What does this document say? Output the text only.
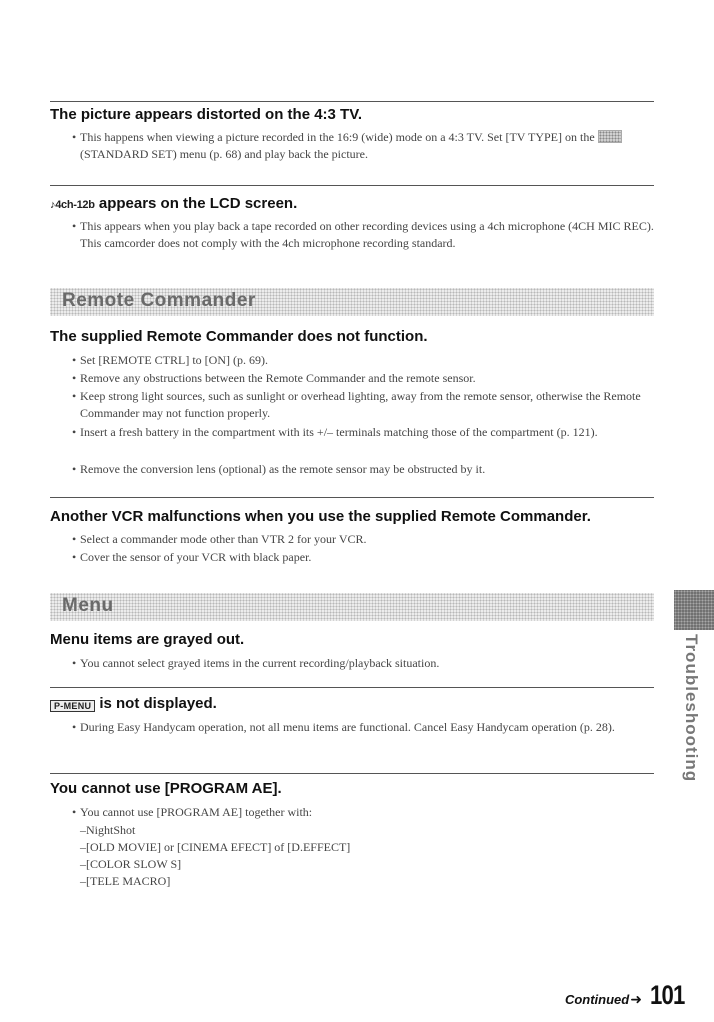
The picture appears distorted on the 4:3 TV.
• This happens when viewing a picture recorded in the 16:9 (wide) mode on a 4:3 TV. Set [TV TYPE] on the(STANDARD SET) menu (p. 68) and play back the picture.
♪4ch-12b appears on the LCD screen.
• This appears when you play back a tape recorded on other recording devices using a 4ch microphone (4CH MIC REC). This camcorder does not comply with the 4ch microphone recording standard.
Remote Commander
The supplied Remote Commander does not function.
• Set [REMOTE CTRL] to [ON] (p. 69).
• Remove any obstructions between the Remote Commander and the remote sensor.
• Keep strong light sources, such as sunlight or overhead lighting, away from the remote sensor, otherwise the Remote Commander may not function properly.
• Insert a fresh battery in the compartment with its +/– terminals matching those of the compartment (p. 121).
• Remove the conversion lens (optional) as the remote sensor may be obstructed by it.
Another VCR malfunctions when you use the supplied Remote Commander.
• Select a commander mode other than VTR 2 for your VCR.
• Cover the sensor of your VCR with black paper.
Menu
Menu items are grayed out.
• You cannot select grayed items in the current recording/playback situation.
P-MENU is not displayed.
• During Easy Handycam operation, not all menu items are functional. Cancel Easy Handycam operation (p. 28).
You cannot use [PROGRAM AE].
• You cannot use [PROGRAM AE] together with:
–NightShot
–[OLD MOVIE] or [CINEMA EFECT] of [D.EFFECT]
–[COLOR SLOW S]
–[TELE MACRO]
Troubleshooting
Continued➜ 101
